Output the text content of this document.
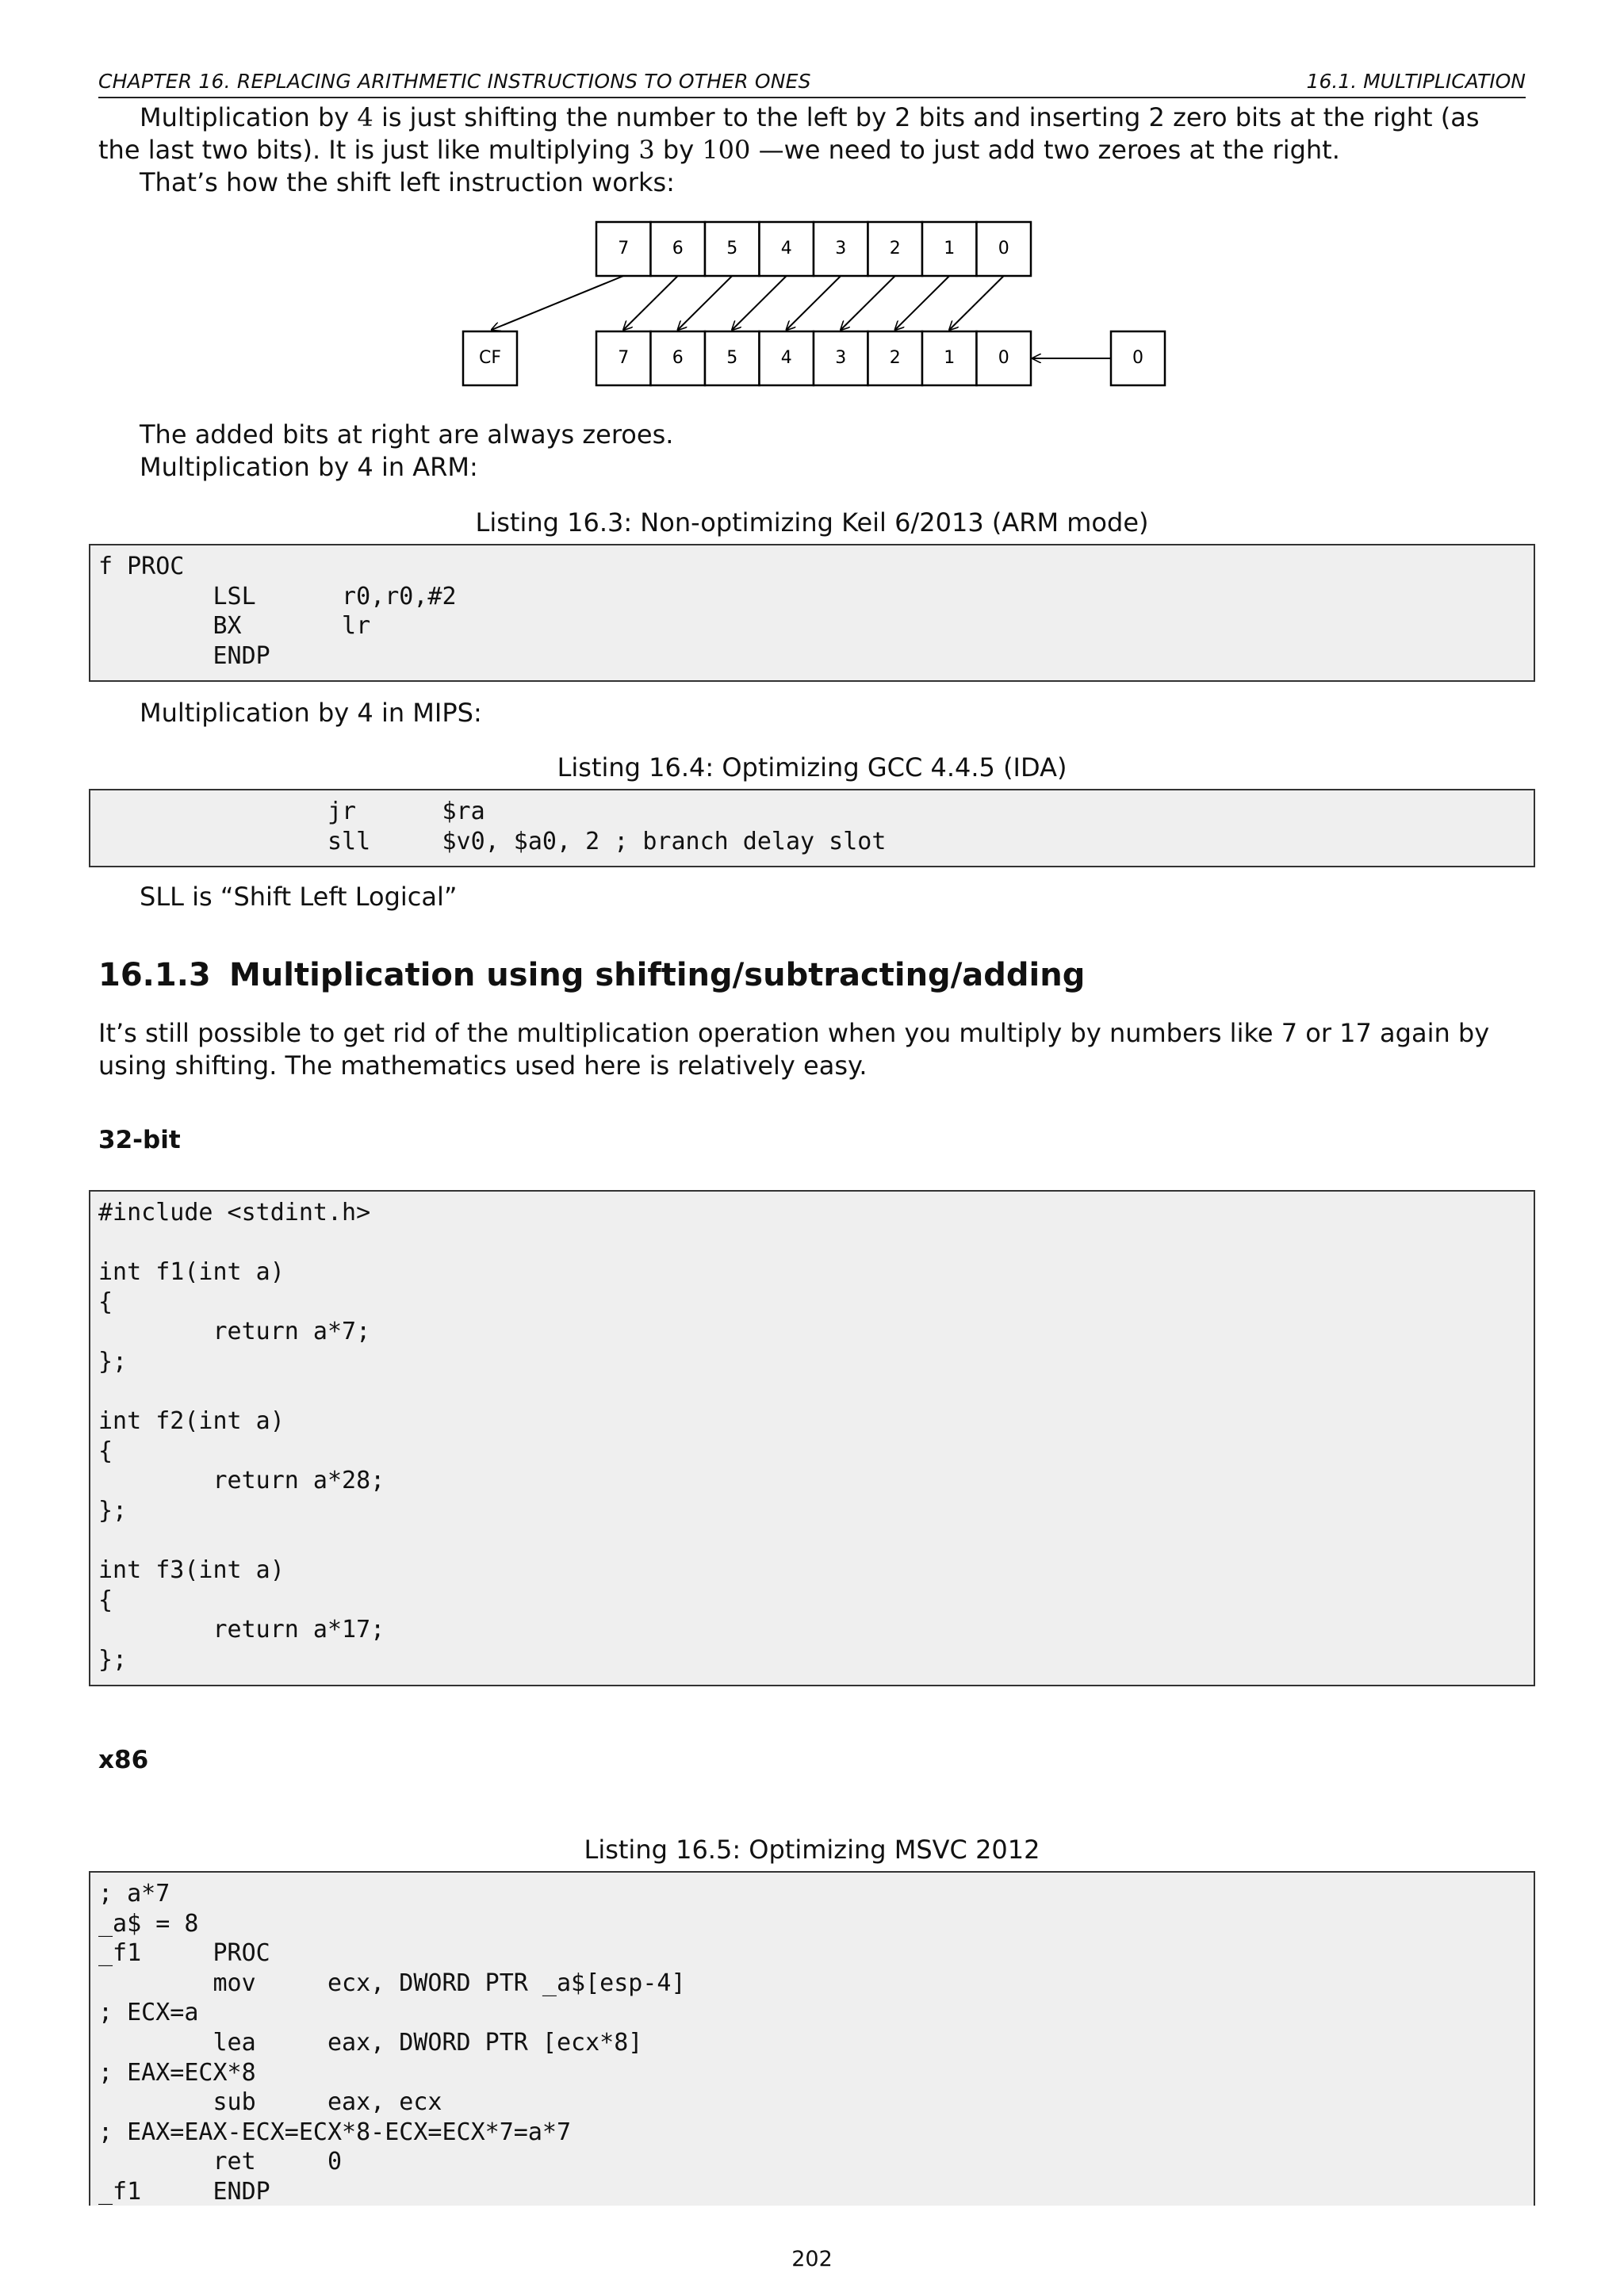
CHAPTER 16. REPLACING ARITHMETIC INSTRUCTIONS TO OTHER ONES	16.1. MULTIPLICATION
Multiplication by 4 is just shifting the number to the left by 2 bits and inserting 2 zero bits at the right (as the last two bits). It is just like multiplying 3 by 100 —we need to just add two zeroes at the right.
That’s how the shift left instruction works:
7 6 5 4 3 2 1 0
7 6 5 4 3 2 1 0
CF	0
The added bits at right are always zeroes.
Multiplication by 4 in ARM:
Listing 16.3: Non-optimizing Keil 6/2013 (ARM mode)
f PROC
LSL      r0,r0,#2
BX       lr
ENDP
Multiplication by 4 in MIPS:
Listing 16.4: Optimizing GCC 4.4.5 (IDA)
jr      $ra
sll     $v0, $a0, 2 ; branch delay slot
SLL is “Shift Left Logical”
16.1.3 Multiplication using shifting/subtracting/adding
It’s still possible to get rid of the multiplication operation when you multiply by numbers like 7 or 17 again by using shifting. The mathematics used here is relatively easy.
32-bit
#include <stdint.h>

int f1(int a)
{
return a*7;
};

int f2(int a)
{
return a*28;
};

int f3(int a)
{
return a*17;
};
x86
Listing 16.5: Optimizing MSVC 2012
; a*7
_a$ = 8
_f1     PROC
mov     ecx, DWORD PTR _a$[esp-4]
; ECX=a
lea     eax, DWORD PTR [ecx*8]
; EAX=ECX*8
sub     eax, ecx
; EAX=EAX-ECX=ECX*8-ECX=ECX*7=a*7
ret     0
_f1     ENDP
202
